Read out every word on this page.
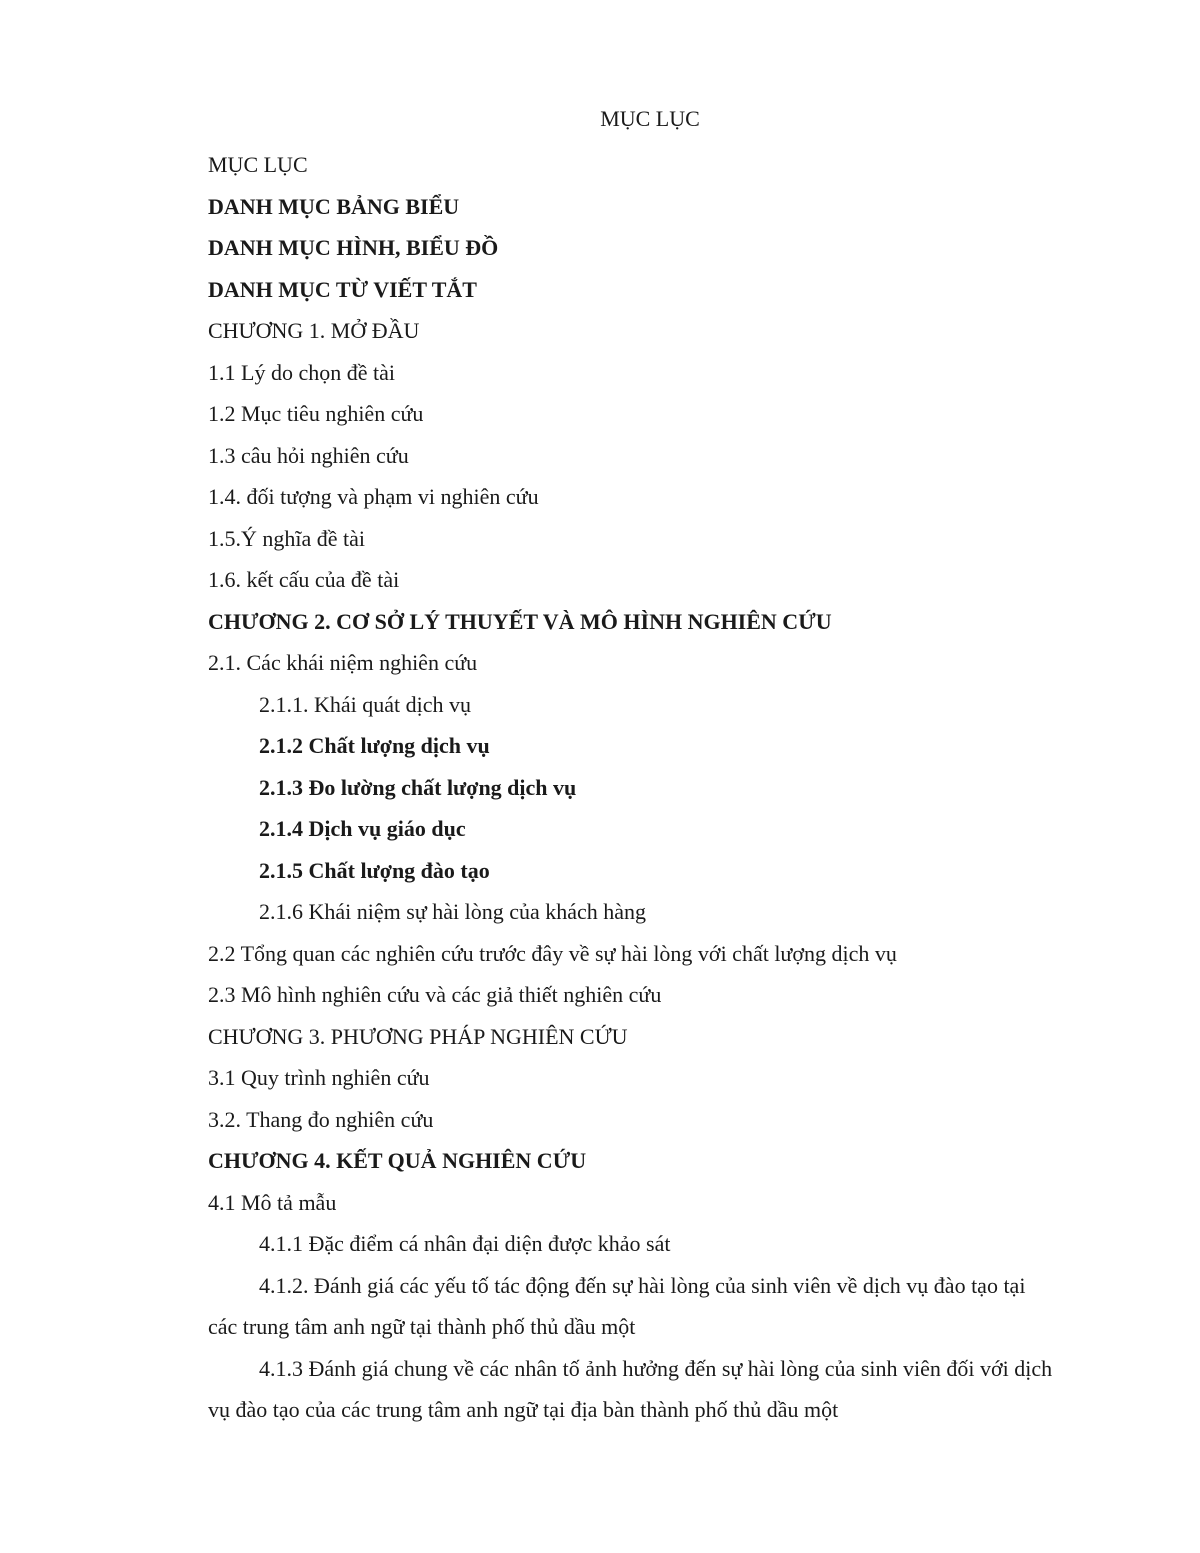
MỤC LỤC
MỤC LỤC
DANH MỤC BẢNG BIỂU
DANH MỤC HÌNH, BIỂU ĐỒ
DANH MỤC TỪ VIẾT TẮT
CHƯƠNG 1. MỞ ĐẦU
1.1 Lý do chọn đề tài
1.2 Mục tiêu nghiên cứu
1.3 câu hỏi nghiên cứu
1.4. đối tượng và phạm vi nghiên cứu
1.5.Ý nghĩa đề tài
1.6. kết cấu của đề tài
CHƯƠNG 2. CƠ SỞ LÝ THUYẾT VÀ MÔ HÌNH NGHIÊN CỨU
2.1. Các khái niệm nghiên cứu
2.1.1. Khái quát dịch vụ
2.1.2 Chất lượng dịch vụ
2.1.3 Đo lường chất lượng dịch vụ
2.1.4 Dịch vụ giáo dục
2.1.5 Chất lượng đào tạo
2.1.6 Khái niệm sự hài lòng của khách hàng
2.2 Tổng quan các nghiên cứu trước đây về sự hài lòng với chất lượng dịch vụ
2.3 Mô hình nghiên cứu và các giả thiết nghiên cứu
CHƯƠNG 3. PHƯƠNG PHÁP NGHIÊN CỨU
3.1 Quy trình nghiên cứu
3.2. Thang đo nghiên cứu
CHƯƠNG 4. KẾT QUẢ NGHIÊN CỨU
4.1 Mô tả mẫu
4.1.1 Đặc điểm cá nhân đại diện được khảo sát
4.1.2. Đánh giá các yếu tố tác động đến sự hài lòng của sinh viên về dịch vụ đào tạo tại các trung tâm anh ngữ tại thành phố thủ dầu một
4.1.3 Đánh giá chung về các nhân tố ảnh hưởng đến sự hài lòng của sinh viên đối với dịch vụ đào tạo của các trung tâm anh ngữ tại địa bàn thành phố thủ dầu một
